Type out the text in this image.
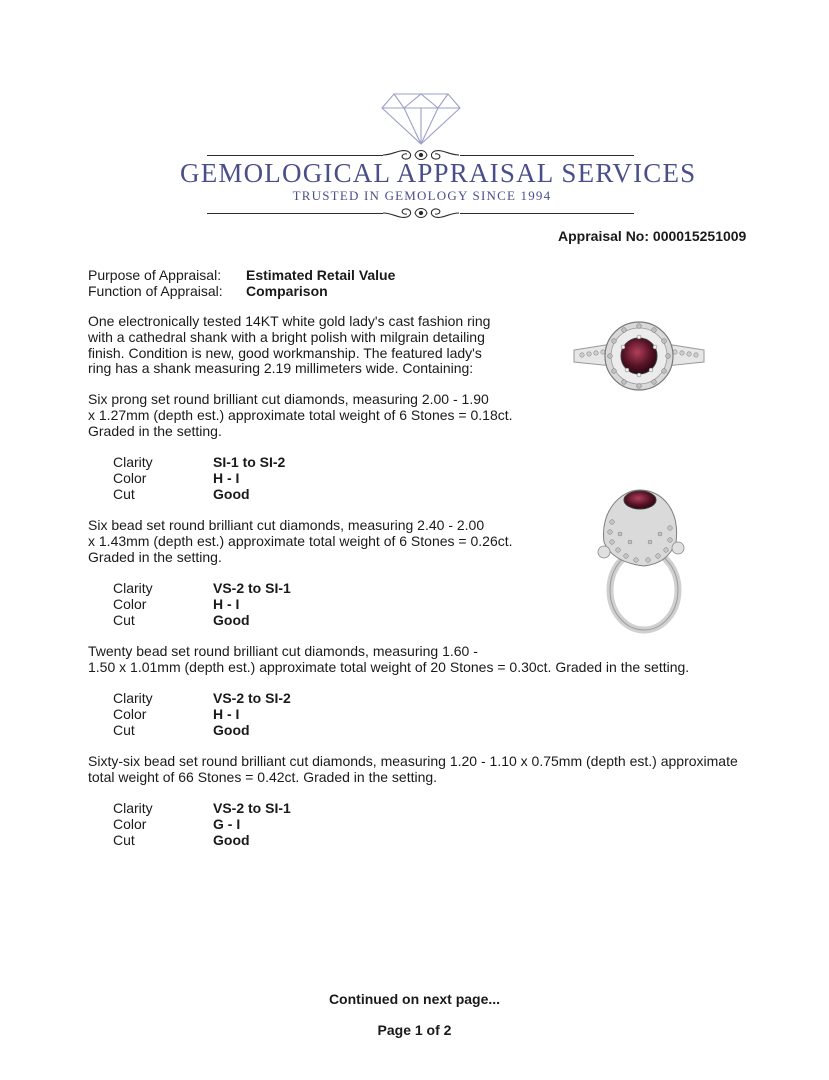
GEMOLOGICAL APPRAISAL SERVICES
TRUSTED IN GEMOLOGY SINCE 1994
Appraisal No: 000015251009
Purpose of Appraisal: Estimated Retail Value
Function of Appraisal: Comparison
One electronically tested 14KT white gold lady's cast fashion ring
with a cathedral shank with a bright polish with milgrain detailing
finish. Condition is new, good workmanship. The featured lady's
ring has a shank measuring 2.19 millimeters wide. Containing:
Six prong set round brilliant cut diamonds, measuring 2.00 - 1.90
x 1.27mm (depth est.) approximate total weight of 6 Stones = 0.18ct.
Graded in the setting.
Clarity
Color
Cut
SI-1 to SI-2
H - I
Good
Six bead set round brilliant cut diamonds, measuring 2.40 - 2.00
x 1.43mm (depth est.) approximate total weight of 6 Stones = 0.26ct.
Graded in the setting.
Clarity
Color
Cut
VS-2 to SI-1
H - I
Good
Twenty bead set round brilliant cut diamonds, measuring 1.60 -
1.50 x 1.01mm (depth est.) approximate total weight of 20 Stones = 0.30ct. Graded in the setting.
Clarity
Color
Cut
VS-2 to SI-2
H - I
Good
Sixty-six bead set round brilliant cut diamonds, measuring 1.20 - 1.10 x 0.75mm (depth est.) approximate
total weight of 66 Stones = 0.42ct. Graded in the setting.
Clarity
Color
Cut
VS-2 to SI-1
G - I
Good
Continued on next page...
Page 1 of 2
